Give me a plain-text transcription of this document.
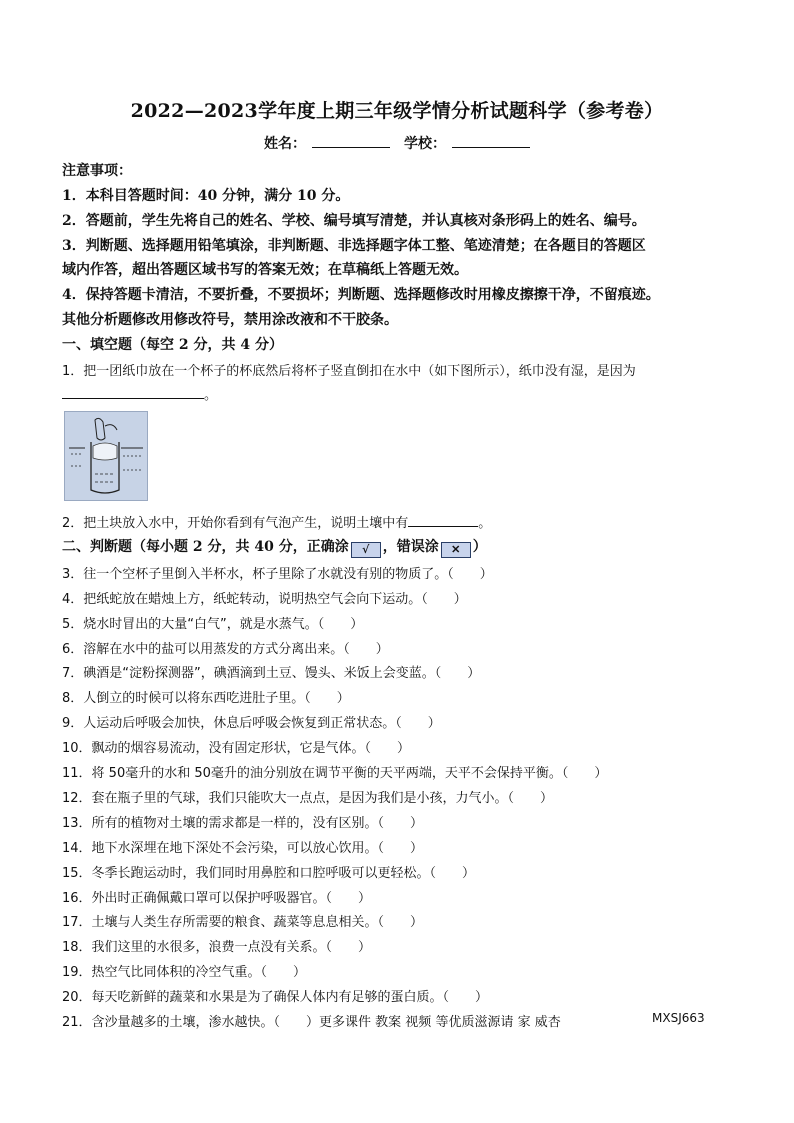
2022—2023学年度上期三年级学情分析试题科学（参考卷）
姓名：	学校：
注意事项：
1．本科目答题时间：40 分钟，满分 10 分。
2．答题前，学生先将自己的姓名、学校、编号填写清楚，并认真核对条形码上的姓名、编号。
3．判断题、选择题用铅笔填涂，非判断题、非选择题字体工整、笔迹清楚；在各题目的答题区
域内作答，超出答题区域书写的答案无效；在草稿纸上答题无效。
4．保持答题卡清洁，不要折叠，不要损坏；判断题、选择题修改时用橡皮擦擦干净，不留痕迹。
其他分析题修改用修改符号，禁用涂改液和不干胶条。
一、填空题（每空 2 分，共 4 分）
1．把一团纸巾放在一个杯子的杯底然后将杯子竖直倒扣在水中（如下图所示），纸巾没有湿，是因为
。
2．把土块放入水中，开始你看到有气泡产生，说明土壤中有	。
二、判断题（每小题 2 分，共 40 分，正确涂 √ ，错误涂 ✕ ）
3．往一个空杯子里倒入半杯水，杯子里除了水就没有别的物质了。（　　）
4．把纸蛇放在蜡烛上方，纸蛇转动，说明热空气会向下运动。（　　）
5．烧水时冒出的大量“白气”，就是水蒸气。（　　）
6．溶解在水中的盐可以用蒸发的方式分离出来。（　　）
7．碘酒是“淀粉探测器”，碘酒滴到土豆、馒头、米饭上会变蓝。（　　）
8．人倒立的时候可以将东西吃进肚子里。（　　）
9．人运动后呼吸会加快，休息后呼吸会恢复到正常状态。（　　）
10．飘动的烟容易流动，没有固定形状，它是气体。（　　）
11．将 50毫升的水和 50毫升的油分别放在调节平衡的天平两端，天平不会保持平衡。（　　）
12．套在瓶子里的气球，我们只能吹大一点点，是因为我们是小孩，力气小。（　　）
13．所有的植物对土壤的需求都是一样的，没有区别。（　　）
14．地下水深埋在地下深处不会污染，可以放心饮用。（　　）
15．冬季长跑运动时，我们同时用鼻腔和口腔呼吸可以更轻松。（　　）
16．外出时正确佩戴口罩可以保护呼吸器官。（　　）
17．土壤与人类生存所需要的粮食、蔬菜等息息相关。（　　）
18．我们这里的水很多，浪费一点没有关系。（　　）
19．热空气比同体积的冷空气重。（　　）
20．每天吃新鲜的蔬菜和水果是为了确保人体内有足够的蛋白质。（　　）
21．含沙量越多的土壤，渗水越快。（　　）更多课件 教案 视频 等优质滋源请 家 威杏	MXSJ663
